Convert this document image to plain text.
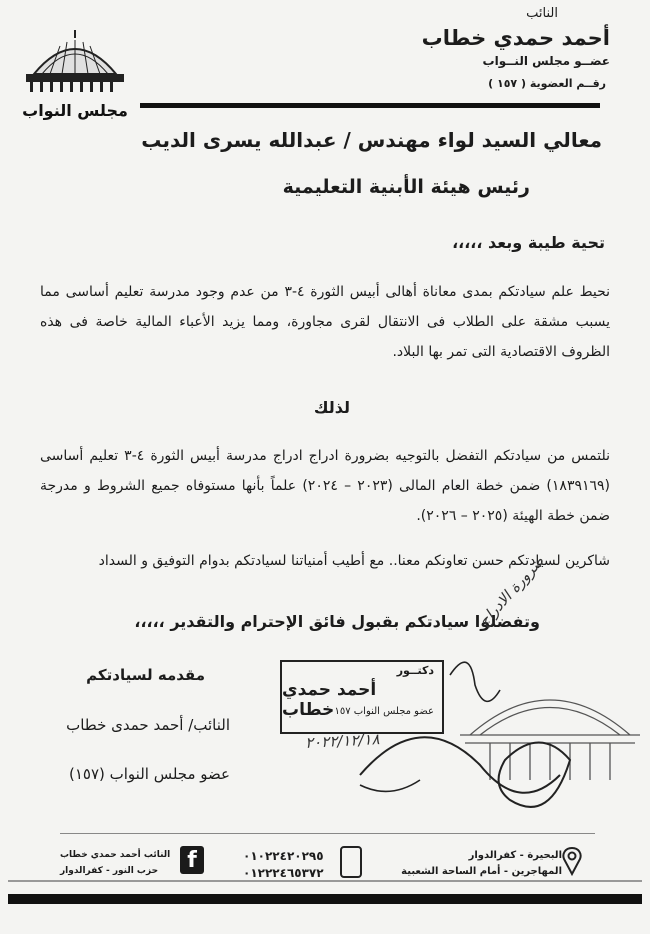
النائب
أحمد حمدي خطاب
عضــو مجلس النــواب
رقــم العضوية ( ١٥٧ )
مجلس النواب
معالي السيد لواء مهندس / عبدالله يسرى الديب
رئيس هيئة الأبنية التعليمية
تحية طيبة وبعد ،،،،،
نحيط علم سيادتكم بمدى معاناة أهالى أبيس الثورة ٤-٣ من عدم وجود مدرسة تعليم أساسى مما يسبب مشقة على الطلاب فى الانتقال لقرى مجاورة، ومما يزيد الأعباء المالية خاصة فى هذه الظروف الاقتصادية التى تمر بها البلاد.
لذلك
نلتمس من سيادتكم التفضل بالتوجيه بضرورة ادراج ادراج مدرسة أبيس الثورة ٤-٣ تعليم أساسى (١٨٣٩١٦٩) ضمن خطة العام المالى (٢٠٢٣ – ٢٠٢٤) علماً بأنها مستوفاه جميع الشروط و مدرجة ضمن خطة الهيئة (٢٠٢٥ – ٢٠٢٦).
شاكرين لسيادتكم حسن تعاونكم معنا.. مع أطيب أمنياتنا لسيادتكم بدوام التوفيق و السداد
وتفضلوا سيادتكم بقبول فائق الإحترام والتقدير ،،،،،
مقدمه لسيادتكم
النائب/ أحمد حمدى خطاب
عضو مجلس النواب (١٥٧)
دكتــور
أحمد حمدي خطاب عضو مجلس النواب ١٥٧
٢٠٢٢/١٢/١٨
ضرورة الادراج
البحيرة - كفرالدوار
المهاجرين - أمام الساحة الشعبية
٠١٠٢٢٤٢٠٢٩٥
٠١٢٢٢٤٦٥٣٧٢
f
النائب أحمد حمدي خطاب
حزب النور - كفرالدوار
